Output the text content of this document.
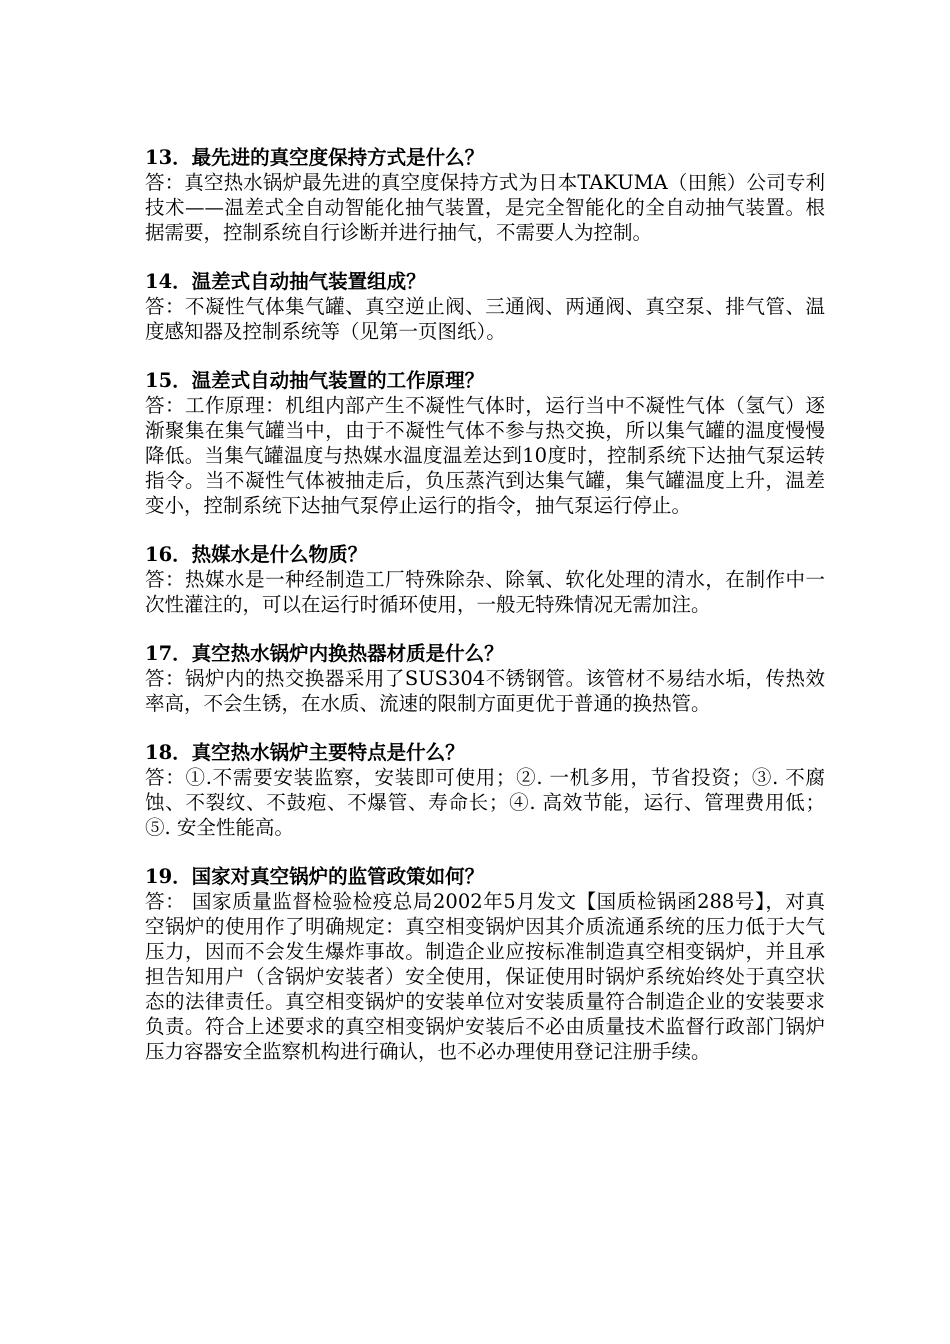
13．最先进的真空度保持方式是什么？

答：真空热水锅炉最先进的真空度保持方式为日本TAKUMA（田熊）公司专利技术——温差式全自动智能化抽气装置，是完全智能化的全自动抽气装置。根据需要，控制系统自行诊断并进行抽气，不需要人为控制。

14．温差式自动抽气装置组成？

答：不凝性气体集气罐、真空逆止阀、三通阀、两通阀、真空泵、排气管、温度感知器及控制系统等（见第一页图纸）。

15．温差式自动抽气装置的工作原理？

答：工作原理：机组内部产生不凝性气体时，运行当中不凝性气体（氢气）逐渐聚集在集气罐当中，由于不凝性气体不参与热交换，所以集气罐的温度慢慢降低。当集气罐温度与热媒水温度温差达到10度时，控制系统下达抽气泵运转指令。当不凝性气体被抽走后，负压蒸汽到达集气罐，集气罐温度上升，温差变小，控制系统下达抽气泵停止运行的指令，抽气泵运行停止。

16．热媒水是什么物质？

答：热媒水是一种经制造工厂特殊除杂、除氧、软化处理的清水，在制作中一次性灌注的，可以在运行时循环使用，一般无特殊情况无需加注。

17．真空热水锅炉内换热器材质是什么？

答：锅炉内的热交换器采用了SUS304不锈钢管。该管材不易结水垢，传热效率高，不会生锈，在水质、流速的限制方面更优于普通的换热管。

18．真空热水锅炉主要特点是什么？

答：①.不需要安装监察，安装即可使用；②. 一机多用，节省投资；③. 不腐蚀、不裂纹、不鼓疱、不爆管、寿命长；④. 高效节能，运行、管理费用低； ⑤. 安全性能高。

19．国家对真空锅炉的监管政策如何？

答： 国家质量监督检验检疫总局2002年5月发文【国质检锅函288号】，对真空锅炉的使用作了明确规定：真空相变锅炉因其介质流通系统的压力低于大气压力，因而不会发生爆炸事故。制造企业应按标准制造真空相变锅炉，并且承担告知用户（含锅炉安装者）安全使用，保证使用时锅炉系统始终处于真空状态的法律责任。真空相变锅炉的安装单位对安装质量符合制造企业的安装要求负责。符合上述要求的真空相变锅炉安装后不必由质量技术监督行政部门锅炉压力容器安全监察机构进行确认，也不必办理使用登记注册手续。
